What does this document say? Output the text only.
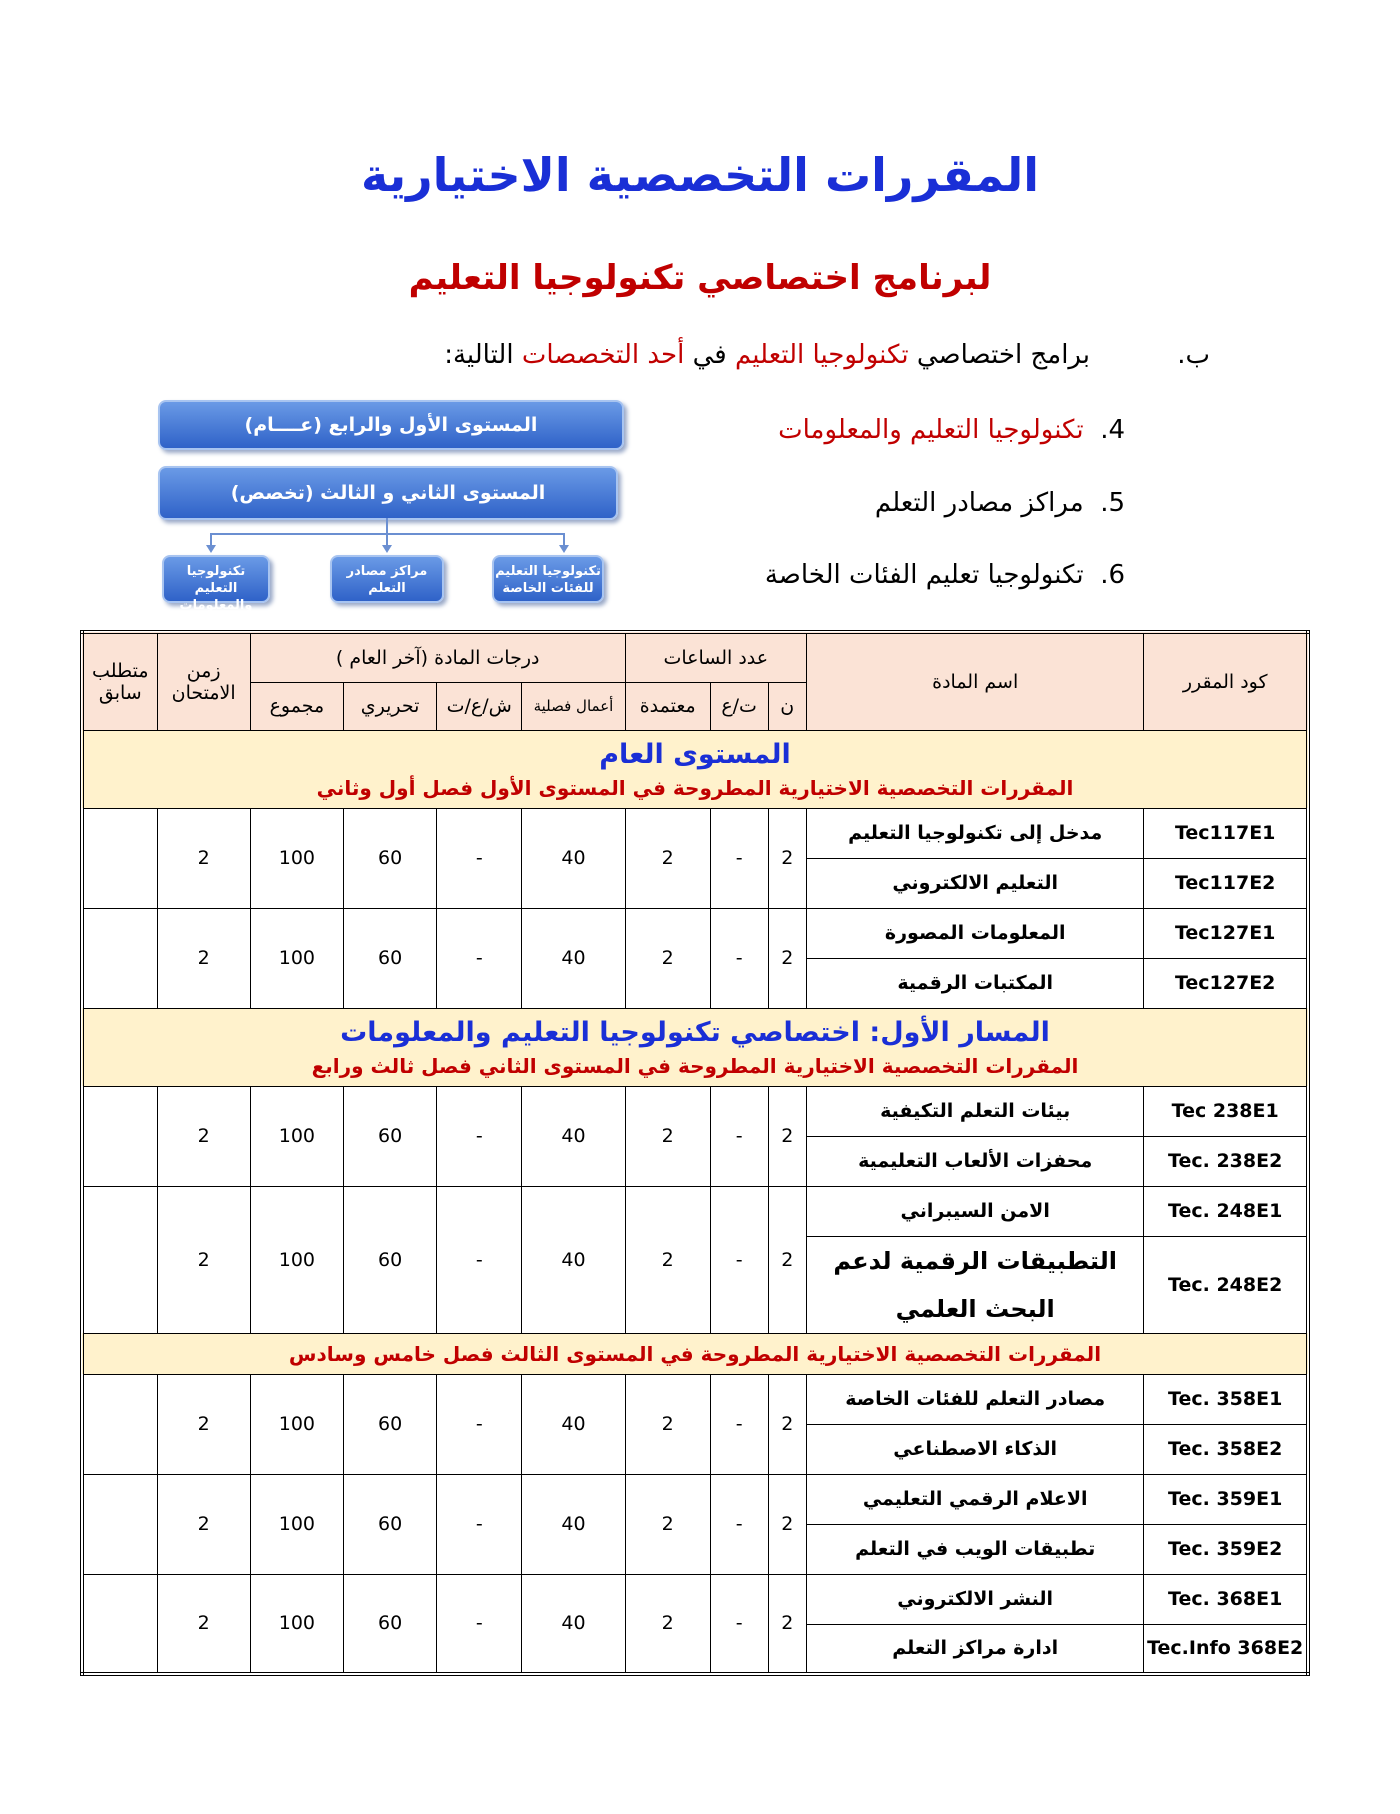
المقررات التخصصية الاختيارية
لبرنامج اختصاصي تكنولوجيا التعليم
ب.
برامج اختصاصي تكنولوجيا التعليم في أحد التخصصات التالية:
4.  تكنولوجيا التعليم والمعلومات
5.  مراكز مصادر التعلم
6.  تكنولوجيا تعليم الفئات الخاصة
المستوى الأول والرابع (عــــام)
المستوى الثاني و الثالث (تخصص)
تكنولوجيا التعليم للفئات الخاصة
مراكز مصادر التعلم
تكنولوجيا التعليم والمعلومات
كود المقرر	اسم المادة	عدد الساعات			درجات المادة (آخر العام )				زمن الامتحان	متطلب سابق
		ن	ت/ع	معتمدة	أعمال فصلية	ش/ع/ت	تحريري	مجموع		

المستوى العام
المقررات التخصصية الاختيارية المطروحة في المستوى الأول فصل أول وثاني										

Tec117E1	مدخل إلى تكنولوجيا التعليم	2	-	2	40	-	60	100	2	
Tec117E2	التعليم الالكتروني									
Tec127E1	المعلومات المصورة	2	-	2	40	-	60	100	2	
Tec127E2	المكتبات الرقمية									

المسار الأول: اختصاصي تكنولوجيا التعليم والمعلومات
المقررات التخصصية الاختيارية المطروحة في المستوى الثاني فصل ثالث ورابع										

Tec 238E1	بيئات التعلم التكيفية	2	-	2	40	-	60	100	2	
Tec. 238E2	محفزات الألعاب التعليمية									
Tec. 248E1	الامن السيبراني	2	-	2	40	-	60	100	2	
Tec. 248E2	التطبيقات الرقمية لدعم البحث العلمي									

المقررات التخصصية الاختيارية المطروحة في المستوى الثالث فصل خامس وسادس										

Tec. 358E1	مصادر التعلم للفئات الخاصة	2	-	2	40	-	60	100	2	
Tec. 358E2	الذكاء الاصطناعي									
Tec. 359E1	الاعلام الرقمي التعليمي	2	-	2	40	-	60	100	2	
Tec. 359E2	تطبيقات الويب في التعلم									
Tec. 368E1	النشر الالكتروني	2	-	2	40	-	60	100	2	
Tec.Info 368E2	ادارة مراكز التعلم									
